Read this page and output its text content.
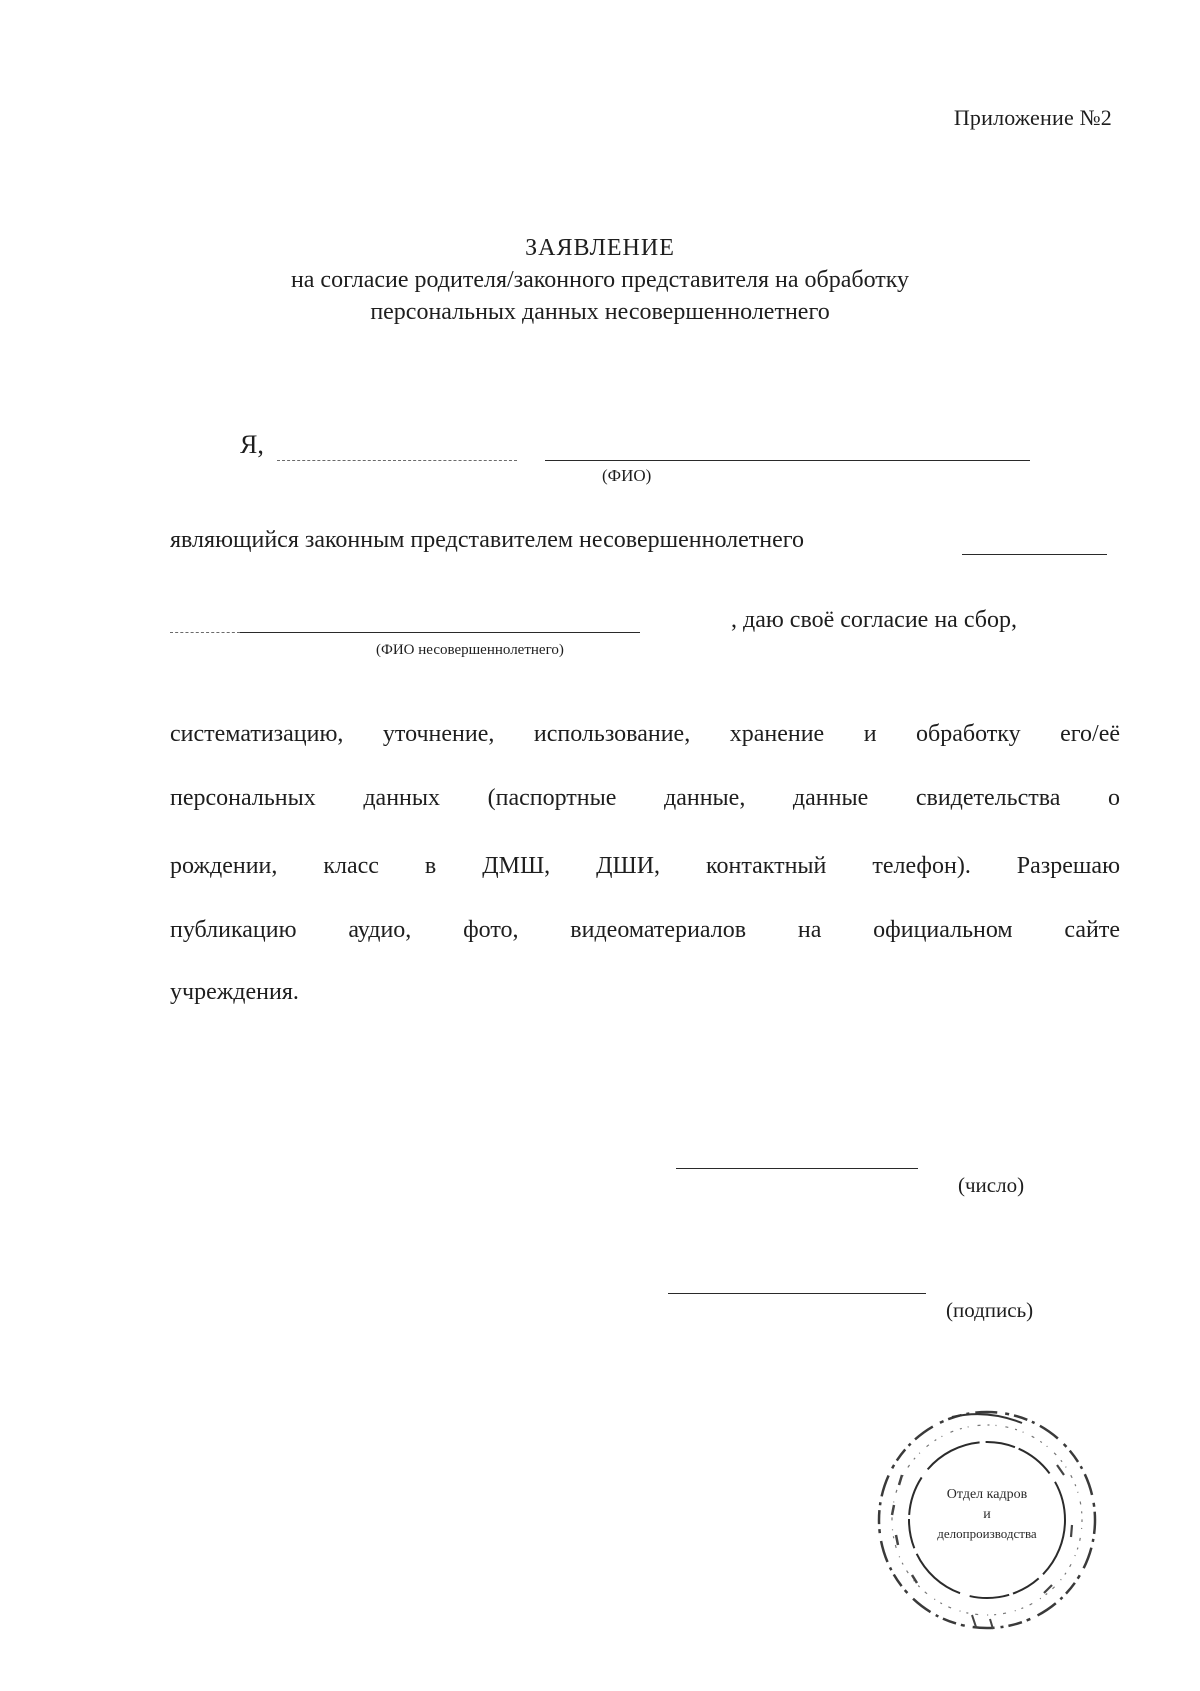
Приложение №2
ЗАЯВЛЕНИЕ
на согласие родителя/законного представителя на обработку
персональных данных несовершеннолетнего
Я,
(ФИО)
являющийся законным представителем несовершеннолетнего
(ФИО несовершеннолетнего)
, даю своё согласие на сбор,
систематизацию, уточнение, использование, хранение и обработку его/её
персональных данных (паспортные данные, данные свидетельства о
рождении, класс в ДМШ, ДШИ, контактный телефон). Разрешаю
публикацию аудио, фото, видеоматериалов на официальном сайте
учреждения.
(число)
(подпись)
Отдел кадров
и
делопроизводства
